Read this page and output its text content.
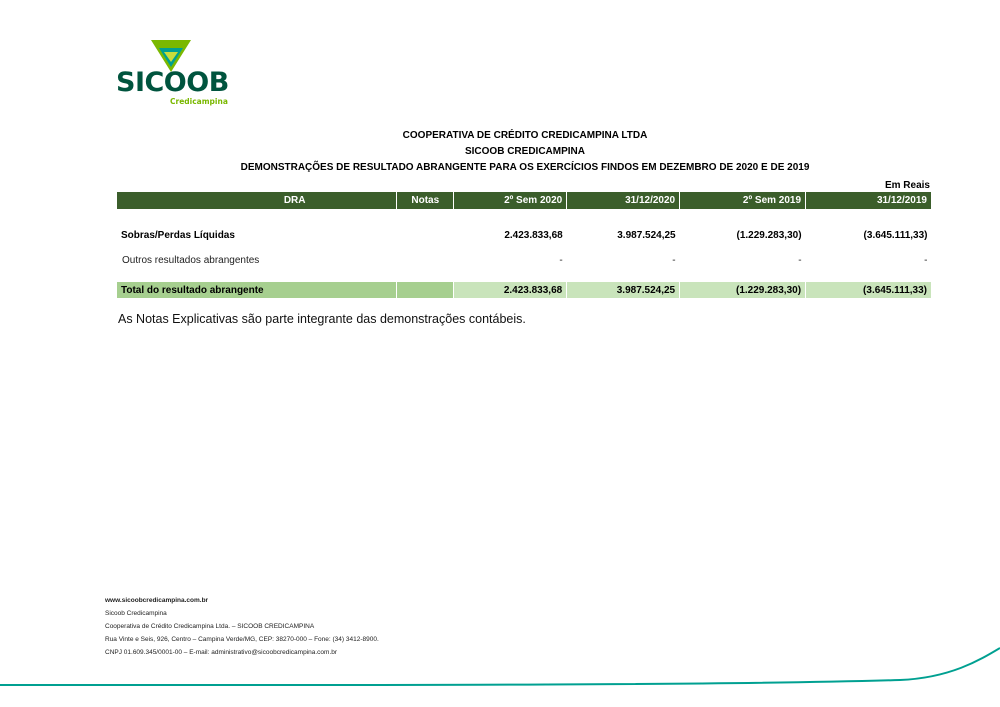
SICOOB
Credicampina
COOPERATIVA DE CRÉDITO CREDICAMPINA LTDA
SICOOB CREDICAMPINA
DEMONSTRAÇÕES DE RESULTADO ABRANGENTE PARA OS EXERCÍCIOS FINDOS EM DEZEMBRO DE 2020 E DE 2019
Em Reais
DRA	Notas	2º Sem 2020	31/12/2020	2º Sem 2019	31/12/2019

Sobras/Perdas Líquidas		2.423.833,68	3.987.524,25	(1.229.283,30)	(3.645.111,33)
Outros resultados abrangentes		-	-	-	-

Total do resultado abrangente		2.423.833,68	3.987.524,25	(1.229.283,30)	(3.645.111,33)
As Notas Explicativas são parte integrante das demonstrações contábeis.
www.sicoobcredicampina.com.br
Sicoob Credicampina
Cooperativa de Crédito Credicampina Ltda. – SICOOB CREDICAMPINA
Rua Vinte e Seis, 926, Centro – Campina Verde/MG, CEP: 38270-000 – Fone: (34) 3412-8900.
CNPJ 01.609.345/0001-00 – E-mail: administrativo@sicoobcredicampina.com.br
